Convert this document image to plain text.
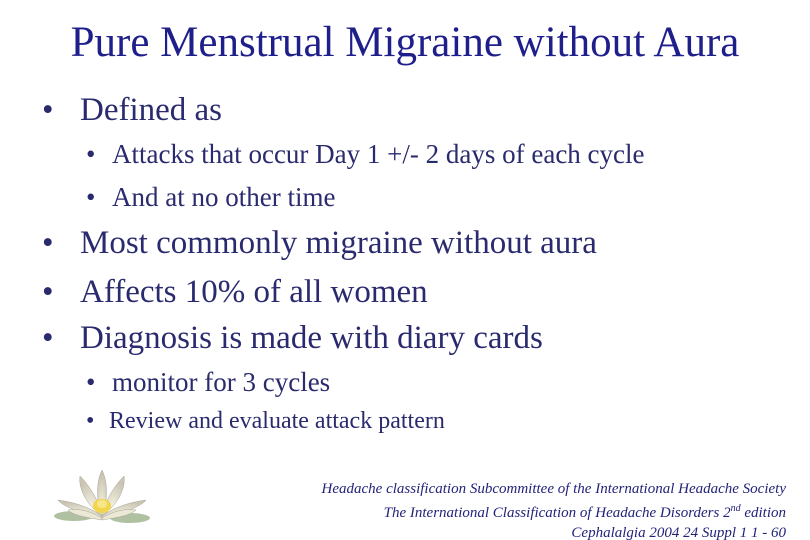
Pure Menstrual Migraine without Aura
• Defined as
• Attacks that occur Day 1 +/- 2 days of each cycle
• And at no other time
• Most commonly migraine without aura
• Affects 10% of all women
• Diagnosis is made with diary cards
• monitor for 3 cycles
• Review and evaluate attack pattern
Headache classification Subcommittee of the International Headache Society
The International Classification of Headache Disorders 2nd edition
Cephalalgia 2004 24 Suppl 1 1 - 60
